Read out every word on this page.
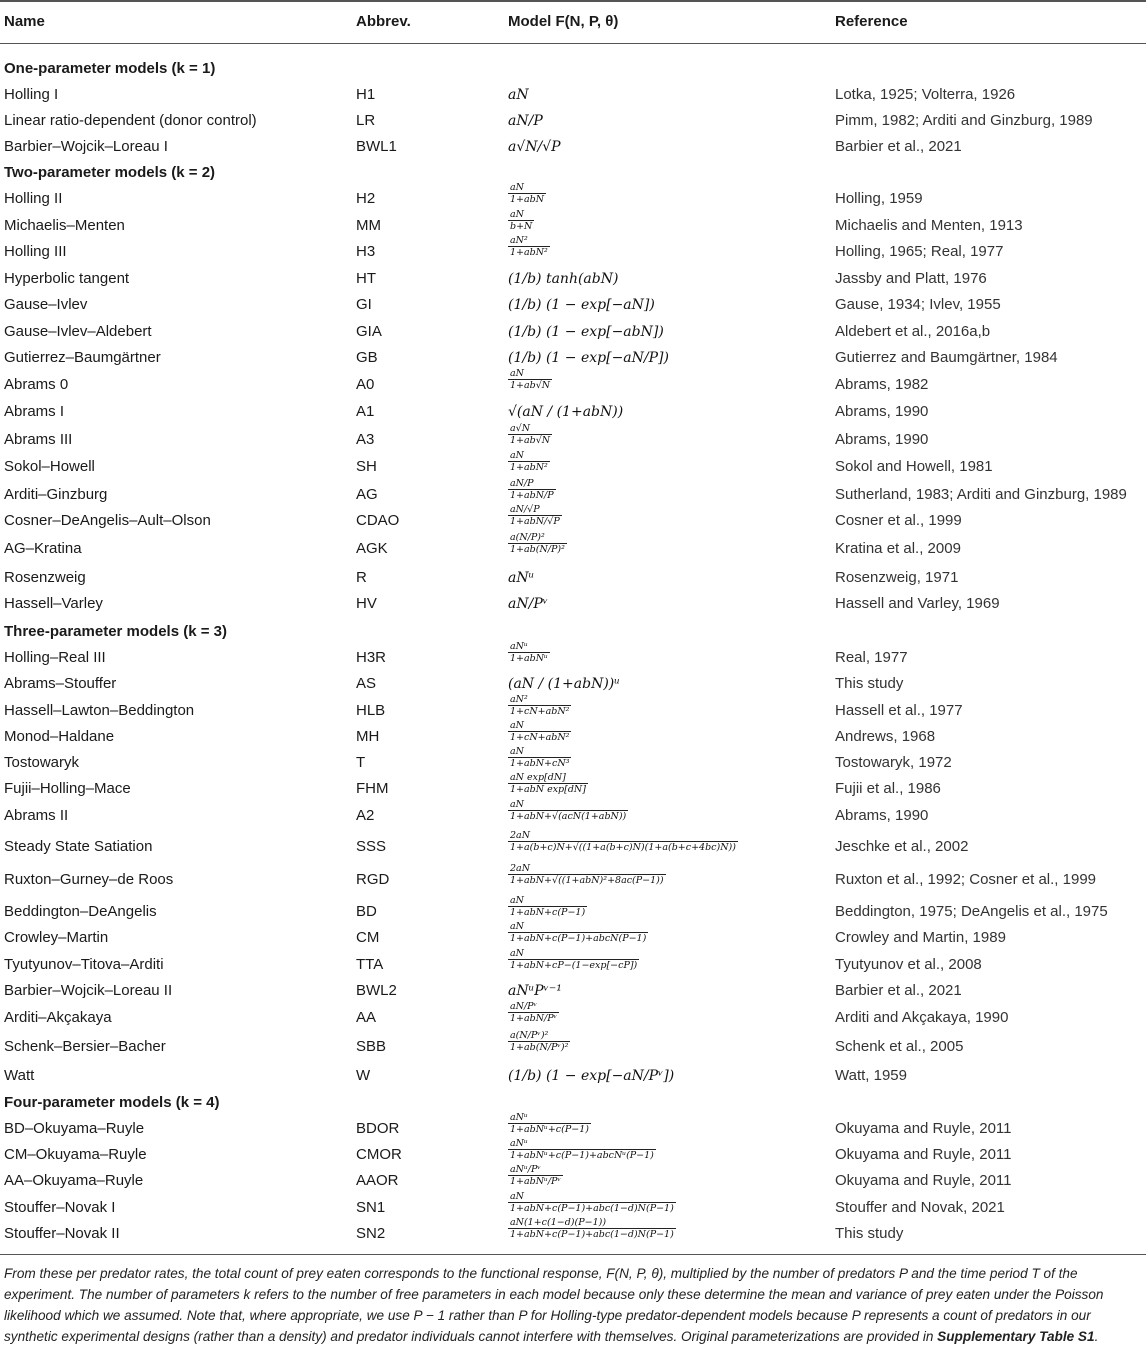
Name	Abbrev.	Model F(N, P, θ)	Reference
One-parameter models (k = 1)
Holling I	H1	aN	Lotka, 1925; Volterra, 1926
Linear ratio-dependent (donor control)	LR	aN/P	Pimm, 1982; Arditi and Ginzburg, 1989
Barbier–Wojcik–Loreau I	BWL1	a√N/√P	Barbier et al., 2021
Two-parameter models (k = 2)
Holling II	H2	$\frac{aN}{\text{1+abN}}$	Holling, 1959
Michaelis–Menten	MM	$\frac{aN}{b+N}$	Michaelis and Menten, 1913
Holling III	H3	$\frac{\text{aN²}}{\text{1+abN²}}$	Holling, 1965; Real, 1977
Hyperbolic tangent	HT	(1/b) tanh(abN)	Jassby and Platt, 1976
Gause–Ivlev	GI	(1/b) (1 − exp[−aN])	Gause, 1934; Ivlev, 1955
Gause–Ivlev–Aldebert	GIA	(1/b) (1 − exp[−abN])	Aldebert et al., 2016a,b
Gutierrez–Baumgärtner	GB	(1/b) (1 − exp[−aN/P])	Gutierrez and Baumgärtner, 1984
Abrams 0	A0	$\frac{aN}{1+ab√N}$	Abrams, 1982
Abrams I	A1	√(aN / (1+abN))	Abrams, 1990
Abrams III	A3	$\frac{a√N}{1+ab√N}$	Abrams, 1990
Sokol–Howell	SH	$\frac{aN}{\text{1+abN²}}$	Sokol and Howell, 1981
Arditi–Ginzburg	AG	$\frac{aN/P}{\text{1+abN/P}}$	Sutherland, 1983; Arditi and Ginzburg, 1989
Cosner–DeAngelis–Ault–Olson	CDAO	$\frac{aN/√P}{\text{1+abN/√P}}$	Cosner et al., 1999
AG–Kratina	AGK	$\frac{\text{a(N/P)²}}{\text{1+ab(N/P)²}}$	Kratina et al., 2009
Rosenzweig	R	aNᵘ	Rosenzweig, 1971
Hassell–Varley	HV	aN/Pᵛ	Hassell and Varley, 1969
Three-parameter models (k = 3)
Holling–Real III	H3R	$\frac{\text{aNᵘ}}{\text{1+abNᵘ}}$	Real, 1977
Abrams–Stouffer	AS	(aN / (1+abN))ᵘ	This study
Hassell–Lawton–Beddington	HLB	$\frac{\text{aN²}}{\text{1+cN+abN²}}$	Hassell et al., 1977
Monod–Haldane	MH	$\frac{aN}{\text{1+cN+abN²}}$	Andrews, 1968
Tostowaryk	T	$\frac{aN}{\text{1+abN+cN³}}$	Tostowaryk, 1972
Fujii–Holling–Mace	FHM	$\frac{\text{aN exp[dN]}}{\text{1+abN exp[dN]}}$	Fujii et al., 1986
Abrams II	A2	$\frac{aN}{\text{1+abN+√(acN(1+abN))}}$	Abrams, 1990
Steady State Satiation	SSS	$\frac{2aN}{1+a(b+c)N+√((1+a(b+c)N)(1+a(b+c+4bc)N))}$	Jeschke et al., 2002
Ruxton–Gurney–de Roos	RGD	$\frac{2aN}{\text{1+abN+√((1+abN)²+8ac(P−1))}}$	Ruxton et al., 1992; Cosner et al., 1999
Beddington–DeAngelis	BD	$\frac{aN}{\text{1+abN+c(P−1)}}$	Beddington, 1975; DeAngelis et al., 1975
Crowley–Martin	CM	$\frac{aN}{\text{1+abN+c(P−1)+abcN(P−1)}}$	Crowley and Martin, 1989
Tyutyunov–Titova–Arditi	TTA	$\frac{aN}{\text{1+abN+cP−(1−exp[−cP])}}$	Tyutyunov et al., 2008
Barbier–Wojcik–Loreau II	BWL2	aNᵘPᵛ⁻¹	Barbier et al., 2021
Arditi–Akçakaya	AA	$\frac{\text{aN/Pᵛ}}{\text{1+abN/Pᵛ}}$	Arditi and Akçakaya, 1990
Schenk–Bersier–Bacher	SBB	$\frac{\text{a(N/Pᵛ)²}}{\text{1+ab(N/Pᵛ)²}}$	Schenk et al., 2005
Watt	W	(1/b) (1 − exp[−aN/Pᵛ])	Watt, 1959
Four-parameter models (k = 4)
BD–Okuyama–Ruyle	BDOR	$\frac{\text{aNᵘ}}{\text{1+abNᵘ+c(P−1)}}$	Okuyama and Ruyle, 2011
CM–Okuyama–Ruyle	CMOR	$\frac{\text{aNᵘ}}{\text{1+abNᵘ+c(P−1)+abcNᵘ(P−1)}}$	Okuyama and Ruyle, 2011
AA–Okuyama–Ruyle	AAOR	$\frac{\text{aNᵘ/Pᵛ}}{\text{1+abNᵘ/Pᵛ}}$	Okuyama and Ruyle, 2011
Stouffer–Novak I	SN1	$\frac{aN}{\text{1+abN+c(P−1)+abc(1−d)N(P−1)}}$	Stouffer and Novak, 2021
Stouffer–Novak II	SN2	$\frac{aN(1+c(1-d)(P-1))}{\text{1+abN+c(P−1)+abc(1−d)N(P−1)}}$	This study
From these per predator rates, the total count of prey eaten corresponds to the functional response, F(N, P, θ), multiplied by the number of predators P and the time period T of the experiment. The number of parameters k refers to the number of free parameters in each model because only these determine the mean and variance of prey eaten under the Poisson likelihood which we assumed. Note that, where appropriate, we use P − 1 rather than P for Holling-type predator-dependent models because P represents a count of predators in our synthetic experimental designs (rather than a density) and predator individuals cannot interfere with themselves. Original parameterizations are provided in Supplementary Table S1.
